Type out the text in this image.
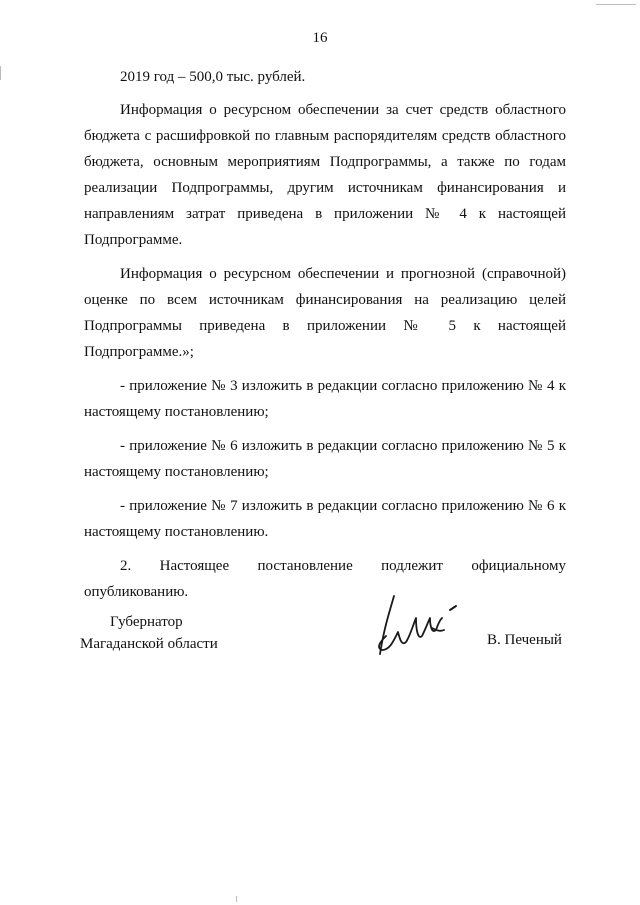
16

2019 год – 500,0 тыс. рублей.

Информация о ресурсном обеспечении за счет средств областного бюджета с расшифровкой по главным распорядителям средств областного бюджета, основным мероприятиям Подпрограммы, а также по годам реализации Подпрограммы, другим источникам финансирования и направлениям затрат приведена в приложении № 4 к настоящей Подпрограмме.

Информация о ресурсном обеспечении и прогнозной (справочной) оценке по всем источникам финансирования на реализацию целей Подпрограммы приведена в приложении № 5 к настоящей Подпрограмме.»;

- приложение № 3 изложить в редакции согласно приложению № 4 к настоящему постановлению;

- приложение № 6 изложить в редакции согласно приложению № 5 к настоящему постановлению;

- приложение № 7 изложить в редакции согласно приложению № 6 к настоящему постановлению.

2. Настоящее постановление подлежит официальному опубликованию.

Губернатор
Магаданской области	В. Печеный
